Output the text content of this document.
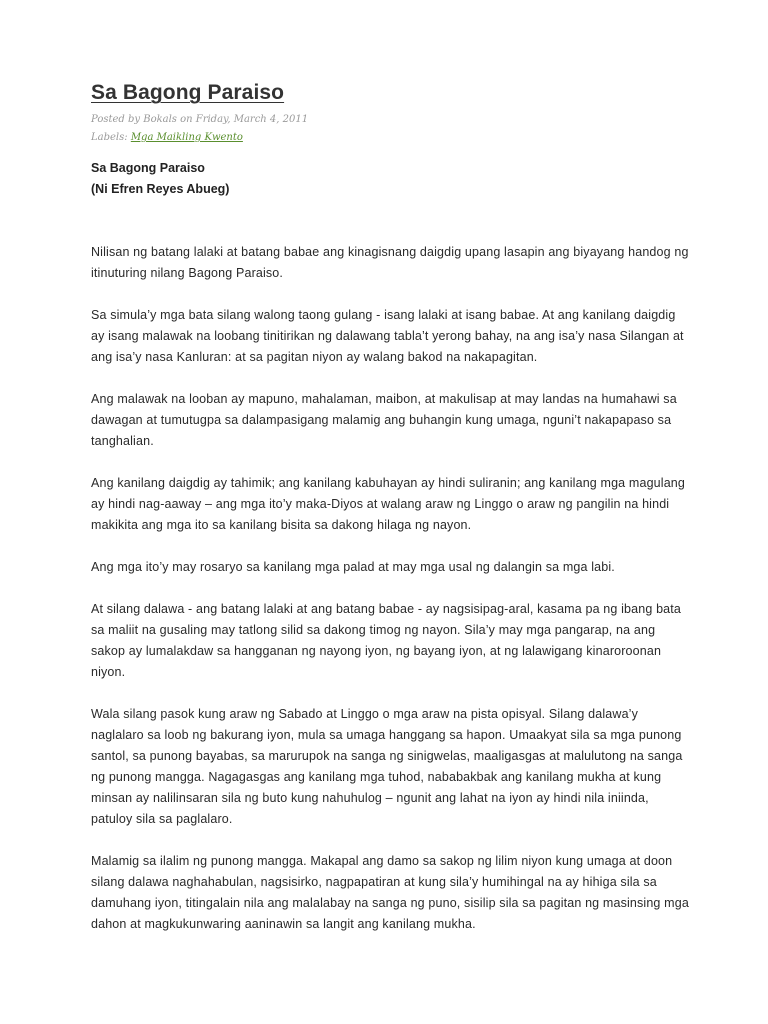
Sa Bagong Paraiso
Posted by Bokals on Friday, March 4, 2011
Labels: Mga Maikling Kwento
Sa Bagong Paraiso
(Ni Efren Reyes Abueg)

Nilisan ng batang lalaki at batang babae ang kinagisnang daigdig upang lasapin ang biyayang handog ng itinuturing nilang Bagong Paraiso.

Sa simula’y mga bata silang walong taong gulang - isang lalaki at isang babae. At ang kanilang daigdig ay isang malawak na loobang tinitirikan ng dalawang tabla’t yerong bahay, na ang isa’y nasa Silangan at ang isa’y nasa Kanluran: at sa pagitan niyon ay walang bakod na nakapagitan.

Ang malawak na looban ay mapuno, mahalaman, maibon, at makulisap at may landas na humahawi sa dawagan at tumutugpa sa dalampasigang malamig ang buhangin kung umaga, nguni’t nakapapaso sa tanghalian.

Ang kanilang daigdig ay tahimik; ang kanilang kabuhayan ay hindi suliranin; ang kanilang mga magulang ay hindi nag-aaway – ang mga ito’y maka-Diyos at walang araw ng Linggo o araw ng pangilin na hindi makikita ang mga ito sa kanilang bisita sa dakong hilaga ng nayon.

Ang mga ito’y may rosaryo sa kanilang mga palad at may mga usal ng dalangin sa mga labi.

At silang dalawa - ang batang lalaki at ang batang babae - ay nagsisipag-aral, kasama pa ng ibang bata sa maliit na gusaling may tatlong silid sa dakong timog ng nayon. Sila’y may mga pangarap, na ang sakop ay lumalakdaw sa hangganan ng nayong iyon, ng bayang iyon, at ng lalawigang kinaroroonan niyon.

Wala silang pasok kung araw ng Sabado at Linggo o mga araw na pista opisyal. Silang dalawa’y naglalaro sa loob ng bakurang iyon, mula sa umaga hanggang sa hapon. Umaakyat sila sa mga punong santol, sa punong bayabas, sa marurupok na sanga ng sinigwelas, maaligasgas at malulutong na sanga ng punong mangga. Nagagasgas ang kanilang mga tuhod, nababakbak ang kanilang mukha at kung minsan ay nalilinsaran sila ng buto kung nahuhulog – ngunit ang lahat na iyon ay hindi nila iniinda, patuloy sila sa paglalaro.

Malamig sa ilalim ng punong mangga. Makapal ang damo sa sakop ng lilim niyon kung umaga at doon silang dalawa naghahabulan, nagsisirko, nagpapatiran at kung sila’y humihingal na ay hihiga sila sa damuhang iyon, titingalain nila ang malalabay na sanga ng puno, sisilip sila sa pagitan ng masinsing mga dahon at magkukunwaring aaninawin sa langit ang kanilang mukha.
